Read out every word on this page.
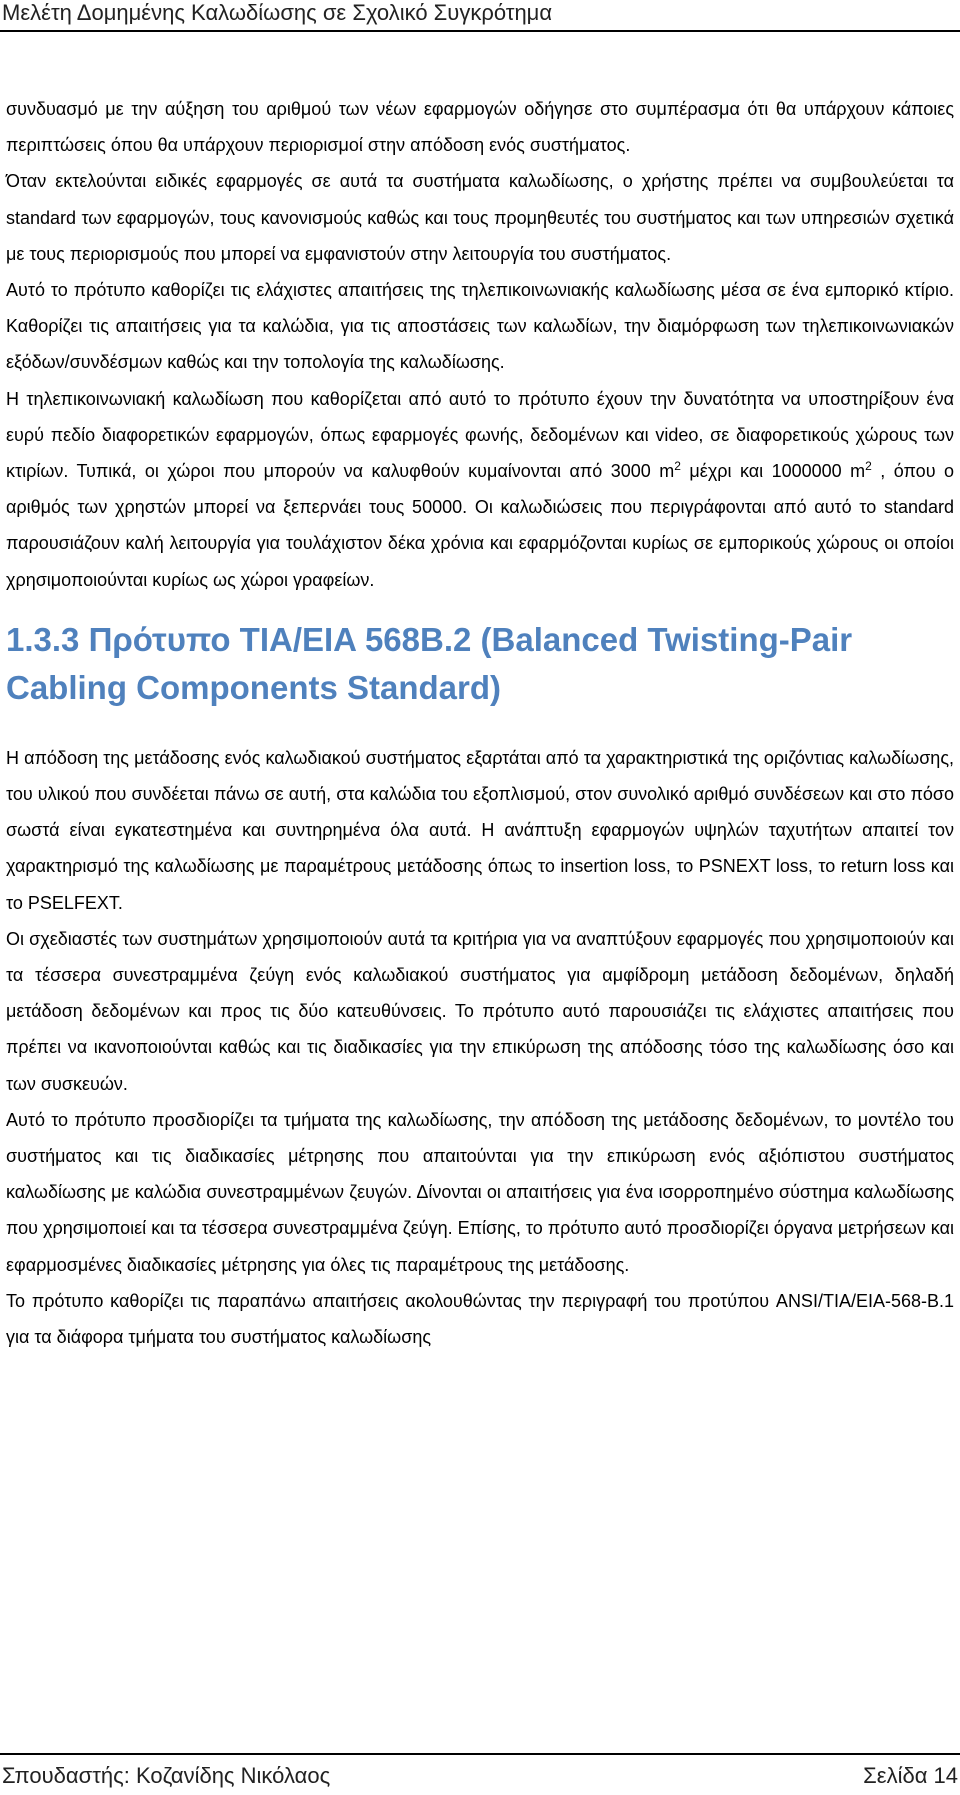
Μελέτη Δομημένης Καλωδίωσης σε Σχολικό Συγκρότημα

συνδυασμό με την αύξηση του αριθμού των νέων εφαρμογών οδήγησε στο συμπέρασμα ότι θα υπάρχουν κάποιες περιπτώσεις όπου θα υπάρχουν περιορισμοί στην απόδοση ενός συστήματος.

Όταν εκτελούνται ειδικές εφαρμογές σε αυτά τα συστήματα καλωδίωσης, ο χρήστης πρέπει να συμβουλεύεται τα standard των εφαρμογών, τους κανονισμούς καθώς και τους προμηθευτές του συστήματος και των υπηρεσιών σχετικά με τους περιορισμούς που μπορεί να εμφανιστούν στην λειτουργία του συστήματος.

Αυτό το πρότυπο καθορίζει τις ελάχιστες απαιτήσεις της τηλεπικοινωνιακής καλωδίωσης μέσα σε ένα εμπορικό κτίριο. Καθορίζει τις απαιτήσεις για τα καλώδια, για τις αποστάσεις των καλωδίων, την διαμόρφωση των τηλεπικοινωνιακών εξόδων/συνδέσμων καθώς και την τοπολογία της καλωδίωσης.

Η τηλεπικοινωνιακή καλωδίωση που καθορίζεται από αυτό το πρότυπο έχουν την δυνατότητα να υποστηρίξουν ένα ευρύ πεδίο διαφορετικών εφαρμογών, όπως εφαρμογές φωνής, δεδομένων και video, σε διαφορετικούς χώρους των κτιρίων. Τυπικά, οι χώροι που μπορούν να καλυφθούν κυμαίνονται από 3000 $m^2$ μέχρι και 1000000 $m^2$ , όπου ο αριθμός των χρηστών μπορεί να ξεπερνάει τους 50000. Οι καλωδιώσεις που περιγράφονται από αυτό το standard παρουσιάζουν καλή λειτουργία για τουλάχιστον δέκα χρόνια και εφαρμόζονται κυρίως σε εμπορικούς χώρους οι οποίοι χρησιμοποιούνται κυρίως ως χώροι γραφείων.

1.3.3 Πρότυπο TIA/EIA 568B.2 (Balanced Twisting-Pair Cabling Components Standard)

Η απόδοση της μετάδοσης ενός καλωδιακού συστήματος εξαρτάται από τα χαρακτηριστικά της οριζόντιας καλωδίωσης, του υλικού που συνδέεται πάνω σε αυτή, στα καλώδια του εξοπλισμού, στον συνολικό αριθμό συνδέσεων και στο πόσο σωστά είναι εγκατεστημένα και συντηρημένα όλα αυτά. Η ανάπτυξη εφαρμογών υψηλών ταχυτήτων απαιτεί τον χαρακτηρισμό της καλωδίωσης με παραμέτρους μετάδοσης όπως το insertion loss, το PSNEXT loss, το return loss και το PSELFEXT.

Οι σχεδιαστές των συστημάτων χρησιμοποιούν αυτά τα κριτήρια για να αναπτύξουν εφαρμογές που χρησιμοποιούν και τα τέσσερα συνεστραμμένα ζεύγη ενός καλωδιακού συστήματος για αμφίδρομη μετάδοση δεδομένων, δηλαδή μετάδοση δεδομένων και προς τις δύο κατευθύνσεις. Το πρότυπο αυτό παρουσιάζει τις ελάχιστες απαιτήσεις που πρέπει να ικανοποιούνται καθώς και τις διαδικασίες για την επικύρωση της απόδοσης τόσο της καλωδίωσης όσο και των συσκευών.

Αυτό το πρότυπο προσδιορίζει τα τμήματα της καλωδίωσης, την απόδοση της μετάδοσης δεδομένων, το μοντέλο του συστήματος και τις διαδικασίες μέτρησης που απαιτούνται για την επικύρωση ενός αξιόπιστου συστήματος καλωδίωσης με καλώδια συνεστραμμένων ζευγών. Δίνονται οι απαιτήσεις για ένα ισορροπημένο σύστημα καλωδίωσης που χρησιμοποιεί και τα τέσσερα συνεστραμμένα ζεύγη. Επίσης, το πρότυπο αυτό προσδιορίζει όργανα μετρήσεων και εφαρμοσμένες διαδικασίες μέτρησης για όλες τις παραμέτρους της μετάδοσης.

Το πρότυπο καθορίζει τις παραπάνω απαιτήσεις ακολουθώντας την περιγραφή του προτύπου ANSI/TIA/EIA-568-B.1 για τα διάφορα τμήματα του συστήματος καλωδίωσης

Σπουδαστής: Κοζανίδης Νικόλαος	Σελίδα 14
